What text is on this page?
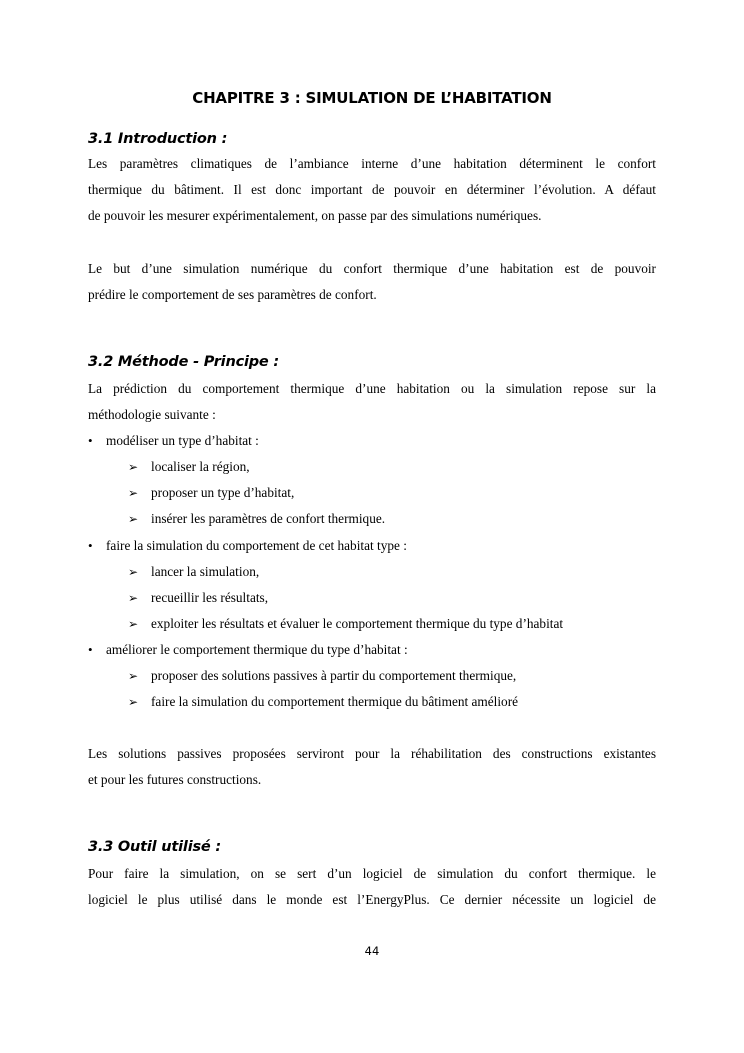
CHAPITRE 3 : SIMULATION DE L’HABITATION
3.1 Introduction :
Les paramètres climatiques de l’ambiance interne d’une habitation déterminent le confort
thermique du bâtiment. Il est donc important de pouvoir en déterminer l’évolution. A défaut
de pouvoir les mesurer expérimentalement, on passe par des simulations numériques.
Le but d’une simulation numérique du confort thermique d’une habitation est de pouvoir
prédire le comportement de ses paramètres de confort.
3.2 Méthode - Principe :
La prédiction du comportement thermique d’une habitation ou la simulation repose sur la
méthodologie suivante :
• modéliser un type d’habitat :
➢ localiser la région,
➢ proposer un type d’habitat,
➢ insérer les paramètres de confort thermique.
• faire la simulation du comportement de cet habitat type :
➢ lancer la simulation,
➢ recueillir les résultats,
➢ exploiter les résultats et évaluer le comportement thermique du type d’habitat
• améliorer le comportement thermique du type d’habitat :
➢ proposer des solutions passives à partir du comportement thermique,
➢ faire la simulation du comportement thermique du bâtiment amélioré
Les solutions passives proposées serviront pour la réhabilitation des constructions existantes
et pour les futures constructions.
3.3 Outil utilisé :
Pour faire la simulation, on se sert d’un logiciel de simulation du confort thermique. le
logiciel le plus utilisé dans le monde est l’EnergyPlus. Ce dernier nécessite un logiciel de
44
